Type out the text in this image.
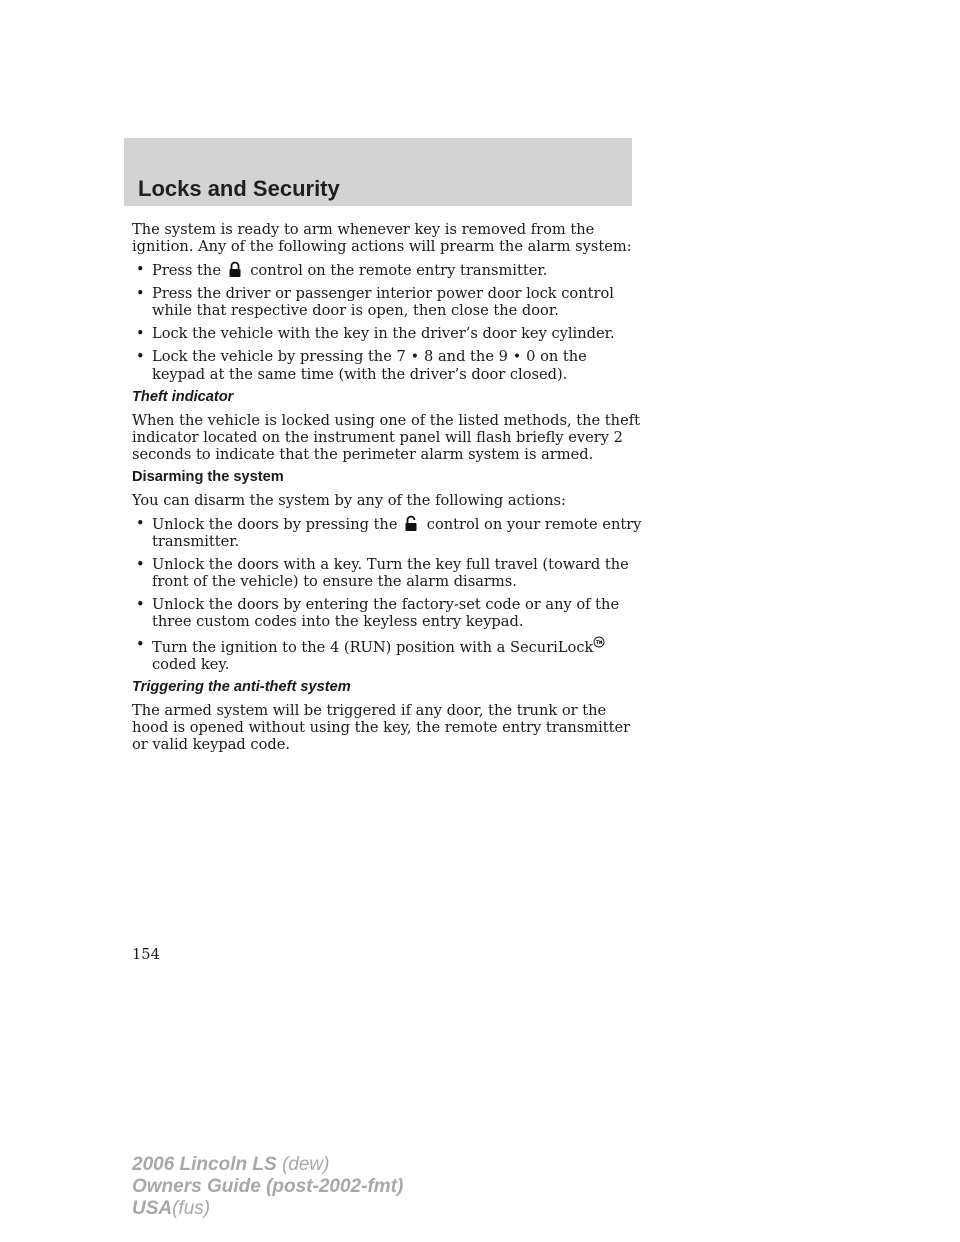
Locks and Security

The system is ready to arm whenever key is removed from the ignition. Any of the following actions will prearm the alarm system:

• Press the control on the remote entry transmitter.
• Press the driver or passenger interior power door lock control while that respective door is open, then close the door.
• Lock the vehicle with the key in the driver’s door key cylinder.
• Lock the vehicle by pressing the 7 • 8 and the 9 • 0 on the keypad at the same time (with the driver’s door closed).
Theft indicator

When the vehicle is locked using one of the listed methods, the theft indicator located on the instrument panel will flash briefly every 2 seconds to indicate that the perimeter alarm system is armed.

Disarming the system

You can disarm the system by any of the following actions:

• Unlock the doors by pressing the control on your remote entry transmitter.
• Unlock the doors with a key. Turn the key full travel (toward the front of the vehicle) to ensure the alarm disarms.
• Unlock the doors by entering the factory-set code or any of the three custom codes into the keyless entry keypad.
• Turn the ignition to the 4 (RUN) position with a SecuriLockcoded key.
Triggering the anti-theft system

The armed system will be triggered if any door, the trunk or the hood is opened without using the key, the remote entry transmitter or valid keypad code.

154
2006 Lincoln LS (dew)
Owners Guide (post-2002-fmt)
USA(fus)
